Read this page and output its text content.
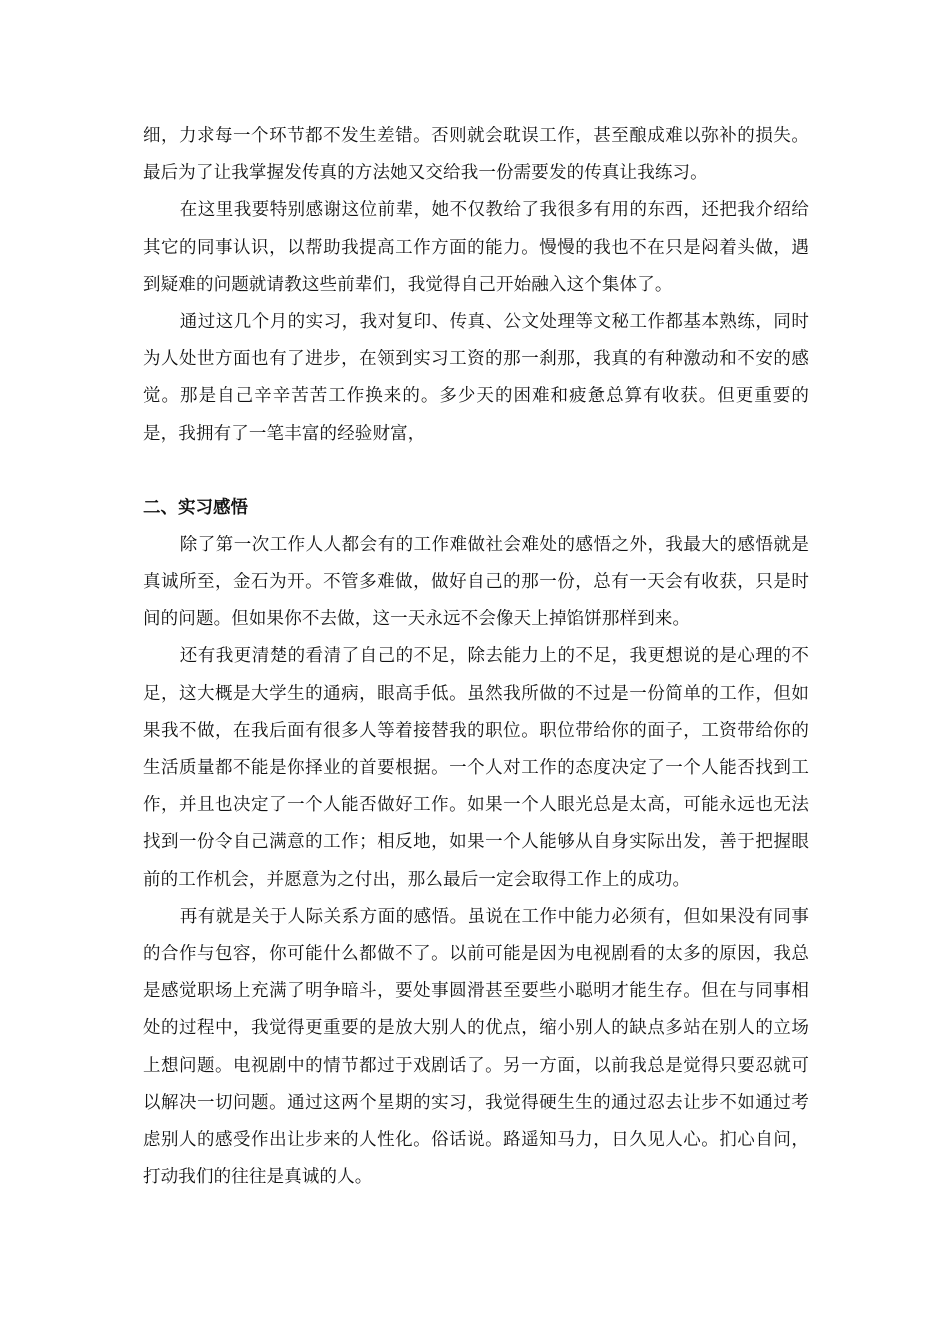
细，力求每一个环节都不发生差错。否则就会耽误工作，甚至酿成难以弥补的损失。最后为了让我掌握发传真的方法她又交给我一份需要发的传真让我练习。

在这里我要特别感谢这位前辈，她不仅教给了我很多有用的东西，还把我介绍给其它的同事认识，以帮助我提高工作方面的能力。慢慢的我也不在只是闷着头做，遇到疑难的问题就请教这些前辈们，我觉得自己开始融入这个集体了。

通过这几个月的实习，我对复印、传真、公文处理等文秘工作都基本熟练，同时为人处世方面也有了进步，在领到实习工资的那一刹那，我真的有种激动和不安的感觉。那是自己辛辛苦苦工作换来的。多少天的困难和疲惫总算有收获。但更重要的是，我拥有了一笔丰富的经验财富，

二、实习感悟

除了第一次工作人人都会有的工作难做社会难处的感悟之外，我最大的感悟就是真诚所至，金石为开。不管多难做，做好自己的那一份，总有一天会有收获，只是时间的问题。但如果你不去做，这一天永远不会像天上掉馅饼那样到来。

还有我更清楚的看清了自己的不足，除去能力上的不足，我更想说的是心理的不足，这大概是大学生的通病，眼高手低。虽然我所做的不过是一份简单的工作，但如果我不做，在我后面有很多人等着接替我的职位。职位带给你的面子，工资带给你的生活质量都不能是你择业的首要根据。一个人对工作的态度决定了一个人能否找到工作，并且也决定了一个人能否做好工作。如果一个人眼光总是太高，可能永远也无法找到一份令自己满意的工作；相反地，如果一个人能够从自身实际出发，善于把握眼前的工作机会，并愿意为之付出，那么最后一定会取得工作上的成功。

再有就是关于人际关系方面的感悟。虽说在工作中能力必须有，但如果没有同事的合作与包容，你可能什么都做不了。以前可能是因为电视剧看的太多的原因，我总是感觉职场上充满了明争暗斗，要处事圆滑甚至要些小聪明才能生存。但在与同事相处的过程中，我觉得更重要的是放大别人的优点，缩小别人的缺点多站在别人的立场上想问题。电视剧中的情节都过于戏剧话了。另一方面，以前我总是觉得只要忍就可以解决一切问题。通过这两个星期的实习，我觉得硬生生的通过忍去让步不如通过考虑别人的感受作出让步来的人性化。俗话说。路遥知马力，日久见人心。扪心自问，打动我们的往往是真诚的人。
